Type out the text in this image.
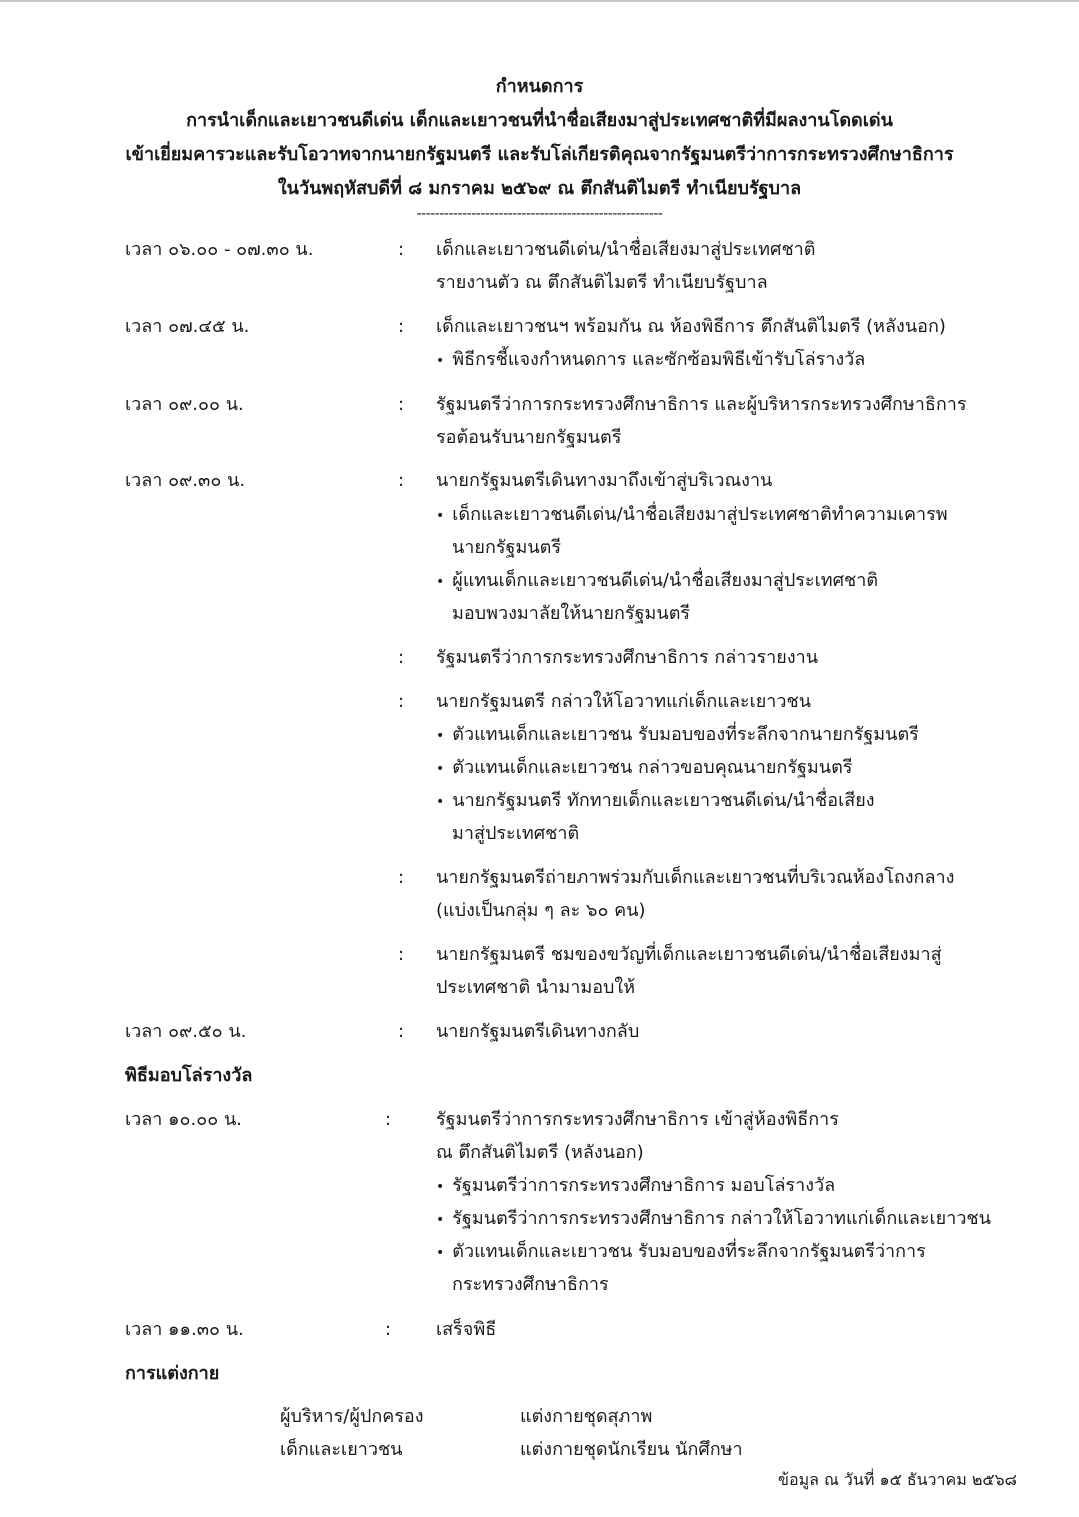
กำหนดการ
การนำเด็กและเยาวชนดีเด่น เด็กและเยาวชนที่นำชื่อเสียงมาสู่ประเทศชาติที่มีผลงานโดดเด่น
เข้าเยี่ยมคารวะและรับโอวาทจากนายกรัฐมนตรี และรับโล่เกียรติคุณจากรัฐมนตรีว่าการกระทรวงศึกษาธิการ
ในวันพฤหัสบดีที่ ๘ มกราคม ๒๕๖๙ ณ ตึกสันติไมตรี ทำเนียบรัฐบาล
------------------------------------------------------
เวลา ๐๖.๐๐ - ๐๗.๓๐ น.	: เด็กและเยาวชนดีเด่น/นำชื่อเสียงมาสู่ประเทศชาติ
รายงานตัว ณ ตึกสันติไมตรี ทำเนียบรัฐบาล
เวลา ๐๗.๔๕ น.	: เด็กและเยาวชนฯ พร้อมกัน ณ ห้องพิธีการ ตึกสันติไมตรี (หลังนอก)
• พิธีกรชี้แจงกำหนดการ และซักซ้อมพิธีเข้ารับโล่รางวัล
เวลา ๐๙.๐๐ น.	: รัฐมนตรีว่าการกระทรวงศึกษาธิการ และผู้บริหารกระทรวงศึกษาธิการ
รอต้อนรับนายกรัฐมนตรี
เวลา ๐๙.๓๐ น.	: นายกรัฐมนตรีเดินทางมาถึงเข้าสู่บริเวณงาน
• เด็กและเยาวชนดีเด่น/นำชื่อเสียงมาสู่ประเทศชาติทำความเคารพ
นายกรัฐมนตรี
• ผู้แทนเด็กและเยาวชนดีเด่น/นำชื่อเสียงมาสู่ประเทศชาติ
มอบพวงมาลัยให้นายกรัฐมนตรี
: รัฐมนตรีว่าการกระทรวงศึกษาธิการ กล่าวรายงาน
: นายกรัฐมนตรี กล่าวให้โอวาทแก่เด็กและเยาวชน
• ตัวแทนเด็กและเยาวชน รับมอบของที่ระลึกจากนายกรัฐมนตรี
• ตัวแทนเด็กและเยาวชน กล่าวขอบคุณนายกรัฐมนตรี
• นายกรัฐมนตรี ทักทายเด็กและเยาวชนดีเด่น/นำชื่อเสียง
มาสู่ประเทศชาติ
: นายกรัฐมนตรีถ่ายภาพร่วมกับเด็กและเยาวชนที่บริเวณห้องโถงกลาง
(แบ่งเป็นกลุ่ม ๆ ละ ๖๐ คน)
: นายกรัฐมนตรี ชมของขวัญที่เด็กและเยาวชนดีเด่น/นำชื่อเสียงมาสู่
ประเทศชาติ นำมามอบให้
เวลา ๐๙.๕๐ น.	: นายกรัฐมนตรีเดินทางกลับ
พิธีมอบโล่รางวัล
เวลา ๑๐.๐๐ น.	: รัฐมนตรีว่าการกระทรวงศึกษาธิการ เข้าสู่ห้องพิธีการ
ณ ตึกสันติไมตรี (หลังนอก)
• รัฐมนตรีว่าการกระทรวงศึกษาธิการ มอบโล่รางวัล
• รัฐมนตรีว่าการกระทรวงศึกษาธิการ กล่าวให้โอวาทแก่เด็กและเยาวชน
• ตัวแทนเด็กและเยาวชน รับมอบของที่ระลึกจากรัฐมนตรีว่าการ
กระทรวงศึกษาธิการ
เวลา ๑๑.๓๐ น.	: เสร็จพิธี
การแต่งกาย
ผู้บริหาร/ผู้ปกครอง	แต่งกายชุดสุภาพ
เด็กและเยาวชน	แต่งกายชุดนักเรียน นักศึกษา
ข้อมูล ณ วันที่ ๑๕ ธันวาคม ๒๕๖๘
